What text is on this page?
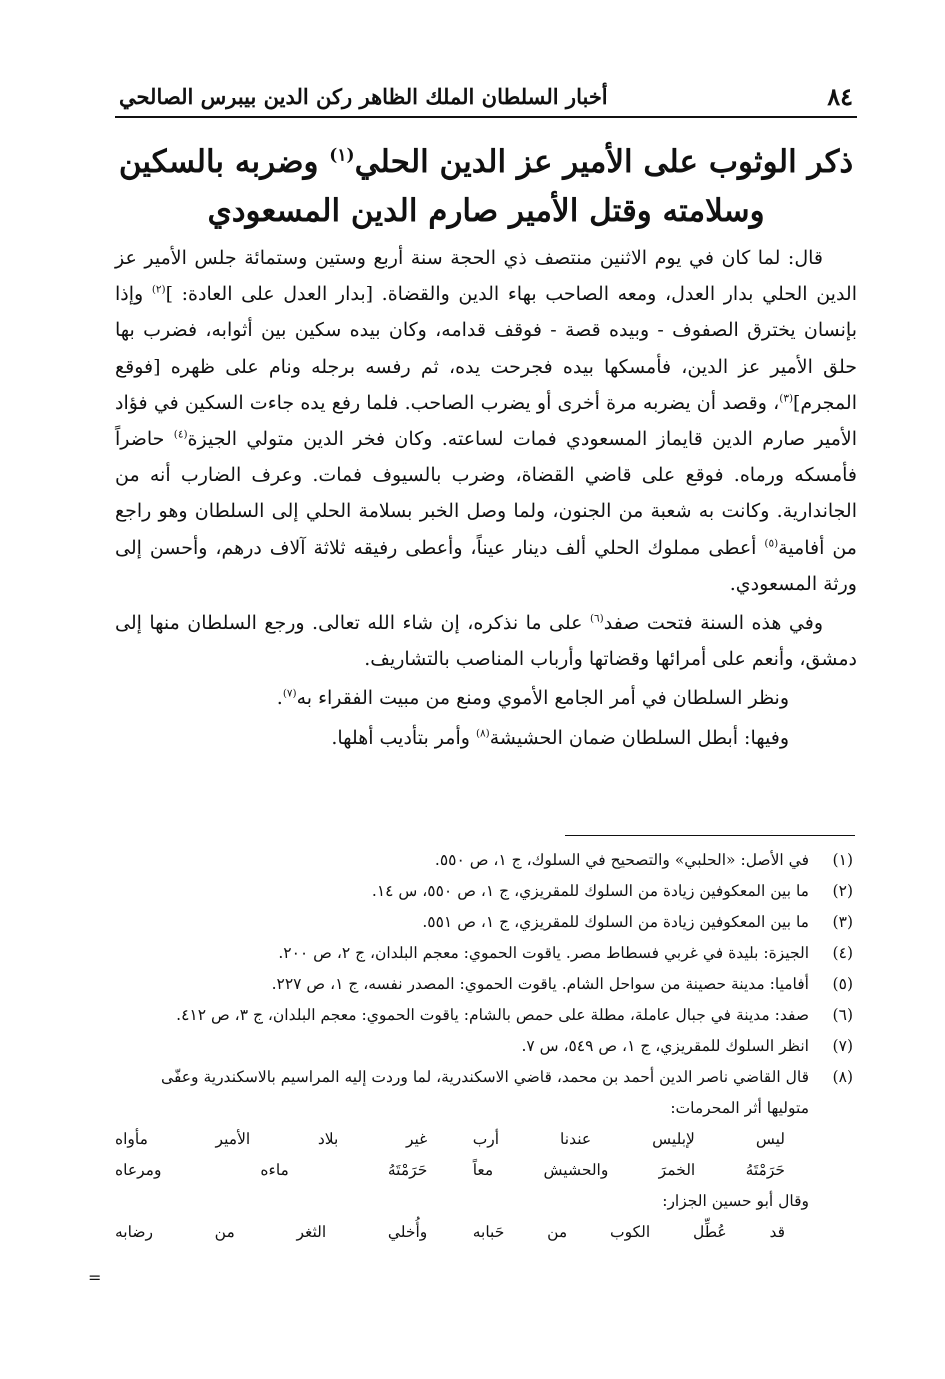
٨٤
أخبار السلطان الملك الظاهر ركن الدين بيبرس الصالحي
ذكر الوثوب على الأمير عز الدين الحلي$^{(١)}$ وضربه بالسكين
وسلامته وقتل الأمير صارم الدين المسعودي

قال: لما كان في يوم الاثنين منتصف ذي الحجة سنة أربع وستين وستمائة جلس الأمير عز الدين الحلي بدار العدل، ومعه الصاحب بهاء الدين والقضاة. [بدار العدل على العادة: ]$^{(٢)}$ وإذا بإنسان يخترق الصفوف - وبيده قصة - فوقف قدامه، وكان بيده سكين بين أثوابه، فضرب بها حلق الأمير عز الدين، فأمسكها بيده فجرحت يده، ثم رفسه برجله ونام على ظهره [فوقع المجرم]$^{(٣)}$، وقصد أن يضربه مرة أخرى أو يضرب الصاحب. فلما رفع يده جاءت السكين في فؤاد الأمير صارم الدين قايماز المسعودي فمات لساعته. وكان فخر الدين متولي الجيزة$^{(٤)}$ حاضراً فأمسكه ورماه. فوقع على قاضي القضاة، وضرب بالسيوف فمات. وعرف الضارب أنه من الجاندارية. وكانت به شعبة من الجنون، ولما وصل الخبر بسلامة الحلي إلى السلطان وهو راجع من أفامية$^{(٥)}$ أعطى مملوك الحلي ألف دينار عيناً، وأعطى رفيقه ثلاثة آلاف درهم، وأحسن إلى ورثة المسعودي.

وفي هذه السنة فتحت صفد$^{(٦)}$ على ما نذكره، إن شاء الله تعالى. ورجع السلطان منها إلى دمشق، وأنعم على أمرائها وقضاتها وأرباب المناصب بالتشاريف.

ونظر السلطان في أمر الجامع الأموي ومنع من مبيت الفقراء به$^{(٧)}$.

وفيها: أبطل السلطان ضمان الحشيشة$^{(٨)}$ وأمر بتأديب أهلها.

(١)
في الأصل: «الحلبي» والتصحيح في السلوك، ج ١، ص ٥٥٠.
(٢)
ما بين المعكوفين زيادة من السلوك للمقريزي، ج ١، ص ٥٥٠، س ١٤.
(٣)
ما بين المعكوفين زيادة من السلوك للمقريزي، ج ١، ص ٥٥١.
(٤)
الجيزة: بليدة في غربي فسطاط مصر. ياقوت الحموي: معجم البلدان، ج ٢، ص ٢٠٠.
(٥)
أفاميا: مدينة حصينة من سواحل الشام. ياقوت الحموي: المصدر نفسه، ج ١، ص ٢٢٧.
(٦)
صفد: مدينة في جبال عاملة، مطلة على حمص بالشام: ياقوت الحموي: معجم البلدان، ج ٣، ص ٤١٢.
(٧)
انظر السلوك للمقريزي، ج ١، ص ٥٤٩، س ٧.
(٨)
قال القاضي ناصر الدين أحمد بن محمد، قاضي الاسكندرية، لما وردت إليه المراسيم بالاسكندرية وعفّى متوليها أثر المحرمات:
ليس لإبليس عندنا أرب
غير بلاد الأمير مأواه
حَرَمْتَهُ الخمرَ والحشيش معاً
حَرَمْتَهُ ماءه ومرعاه
وقال أبو حسين الجزار:
قد عُطِّل الكوب من حَبابه
وأُخلي الثغر من رضابه
=
